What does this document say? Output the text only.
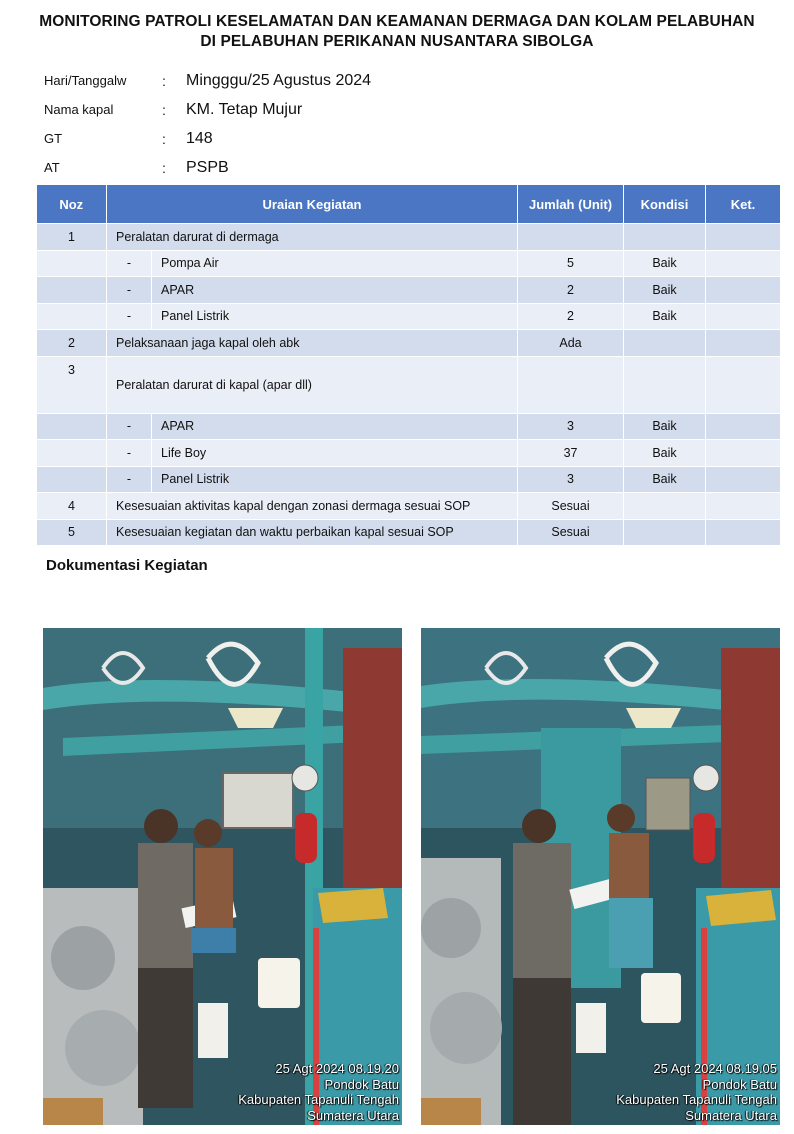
MONITORING PATROLI KESELAMATAN DAN KEAMANAN DERMAGA DAN KOLAM PELABUHAN
DI PELABUHAN PERIKANAN NUSANTARA SIBOLGA
Hari/Tanggalw	:	Mingggu/25 Agustus 2024
Nama kapal	:	KM. Tetap Mujur
GT	:	148
AT	:	PSPB
Noz	Uraian Kegiatan		Jumlah (Unit)	Kondisi	Ket.
1	Peralatan darurat di dermaga				
	-	Pompa Air	5	Baik	
	-	APAR	2	Baik	
	-	Panel Listrik	2	Baik	
2	Pelaksanaan jaga kapal oleh abk		Ada		
3	Peralatan darurat di kapal (apar dll)				
	-	APAR	3	Baik	
	-	Life Boy	37	Baik	
	-	Panel Listrik	3	Baik	
4	Kesesuaian aktivitas kapal dengan zonasi dermaga sesuai SOP		Sesuai		
5	Kesesuaian kegiatan dan waktu perbaikan kapal sesuai SOP		Sesuai		
Dokumentasi Kegiatan
25 Agt 2024 08.19.20
Pondok Batu
Kabupaten Tapanuli Tengah
Sumatera Utara
25 Agt 2024 08.19.05
Pondok Batu
Kabupaten Tapanuli Tengah
Sumatera Utara
